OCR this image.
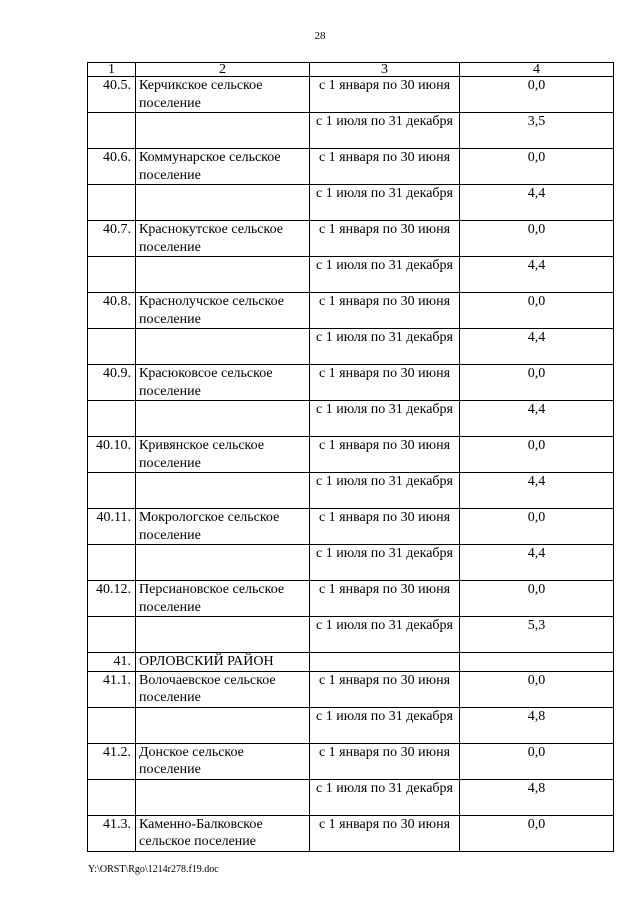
28
1	2	3	4
40.5.	Керчикское сельское поселение	с 1 января по 30 июня	0,0
		с 1 июля по 31 декабря	3,5
40.6.	Коммунарское сельское поселение	с 1 января по 30 июня	0,0
		с 1 июля по 31 декабря	4,4
40.7.	Краснокутское сельское поселение	с 1 января по 30 июня	0,0
		с 1 июля по 31 декабря	4,4
40.8.	Краснолучское сельское поселение	с 1 января по 30 июня	0,0
		с 1 июля по 31 декабря	4,4
40.9.	Красюковсое сельское поселение	с 1 января по 30 июня	0,0
		с 1 июля по 31 декабря	4,4
40.10.	Кривянское сельское поселение	с 1 января по 30 июня	0,0
		с 1 июля по 31 декабря	4,4
40.11.	Мокрологское сельское поселение	с 1 января по 30 июня	0,0
		с 1 июля по 31 декабря	4,4
40.12.	Персиановское сельское поселение	с 1 января по 30 июня	0,0
		с 1 июля по 31 декабря	5,3
41.	ОРЛОВСКИЙ РАЙОН		
41.1.	Волочаевское сельское поселение	с 1 января по 30 июня	0,0
		с 1 июля по 31 декабря	4,8
41.2.	Донское сельское поселение	с 1 января по 30 июня	0,0
		с 1 июля по 31 декабря	4,8
41.3.	Каменно-Балковское сельское поселение	с 1 января по 30 июня	0,0
Y:\ORST\Rgo\1214r278.f19.doc
